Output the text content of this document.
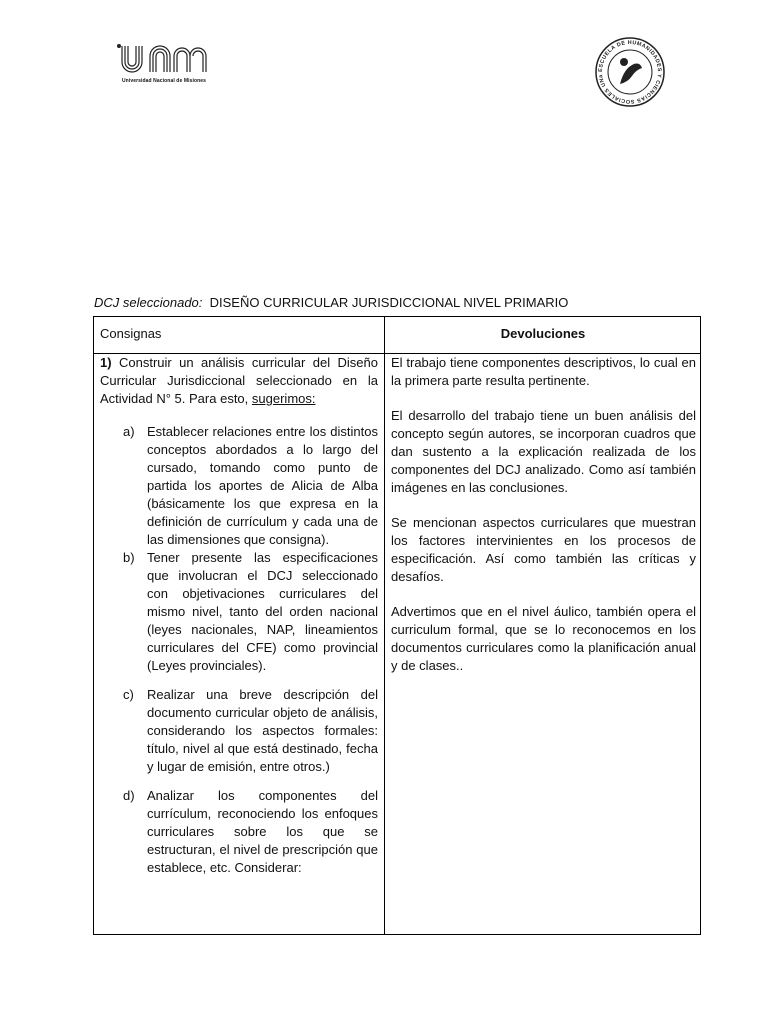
Universidad Nacional de Misiones
ESCUELA DE HUMANIDADES Y CIENCIAS SOCIALES UNa
DCJ seleccionado: DISEÑO CURRICULAR JURISDICCIONAL NIVEL PRIMARIO
Consignas	Devoluciones

1) Construir un análisis curricular del Diseño Curricular Jurisdiccional seleccionado en la Actividad N° 5. Para esto, sugerimos:

a) Establecer relaciones entre los distintos conceptos abordados a lo largo del cursado, tomando como punto de partida los aportes de Alicia de Alba (básicamente los que expresa en la definición de currículum y cada una de las dimensiones que consigna).
b) Tener presente las especificaciones que involucran el DCJ seleccionado con objetivaciones curriculares del mismo nivel, tanto del orden nacional (leyes nacionales, NAP, lineamientos curriculares del CFE) como provincial (Leyes provinciales).
c) Realizar una breve descripción del documento curricular objeto de análisis, considerando los aspectos formales: título, nivel al que está destinado, fecha y lugar de emisión, entre otros.)
d) Analizar los componentes del currículum, reconociendo los enfoques curriculares sobre los que se estructuran, el nivel de prescripción que establece, etc. Considerar:

El trabajo tiene componentes descriptivos, lo cual en la primera parte resulta pertinente.

El desarrollo del trabajo tiene un buen análisis del concepto según autores, se incorporan cuadros que dan sustento a la explicación realizada de los componentes del DCJ analizado. Como así también imágenes en las conclusiones.

Se mencionan aspectos curriculares que muestran los factores intervinientes en los procesos de especificación. Así como también las críticas y desafíos.

Advertimos que en el nivel áulico, también opera el curriculum formal, que se lo reconocemos en los documentos curriculares como la planificación anual y de clases..
